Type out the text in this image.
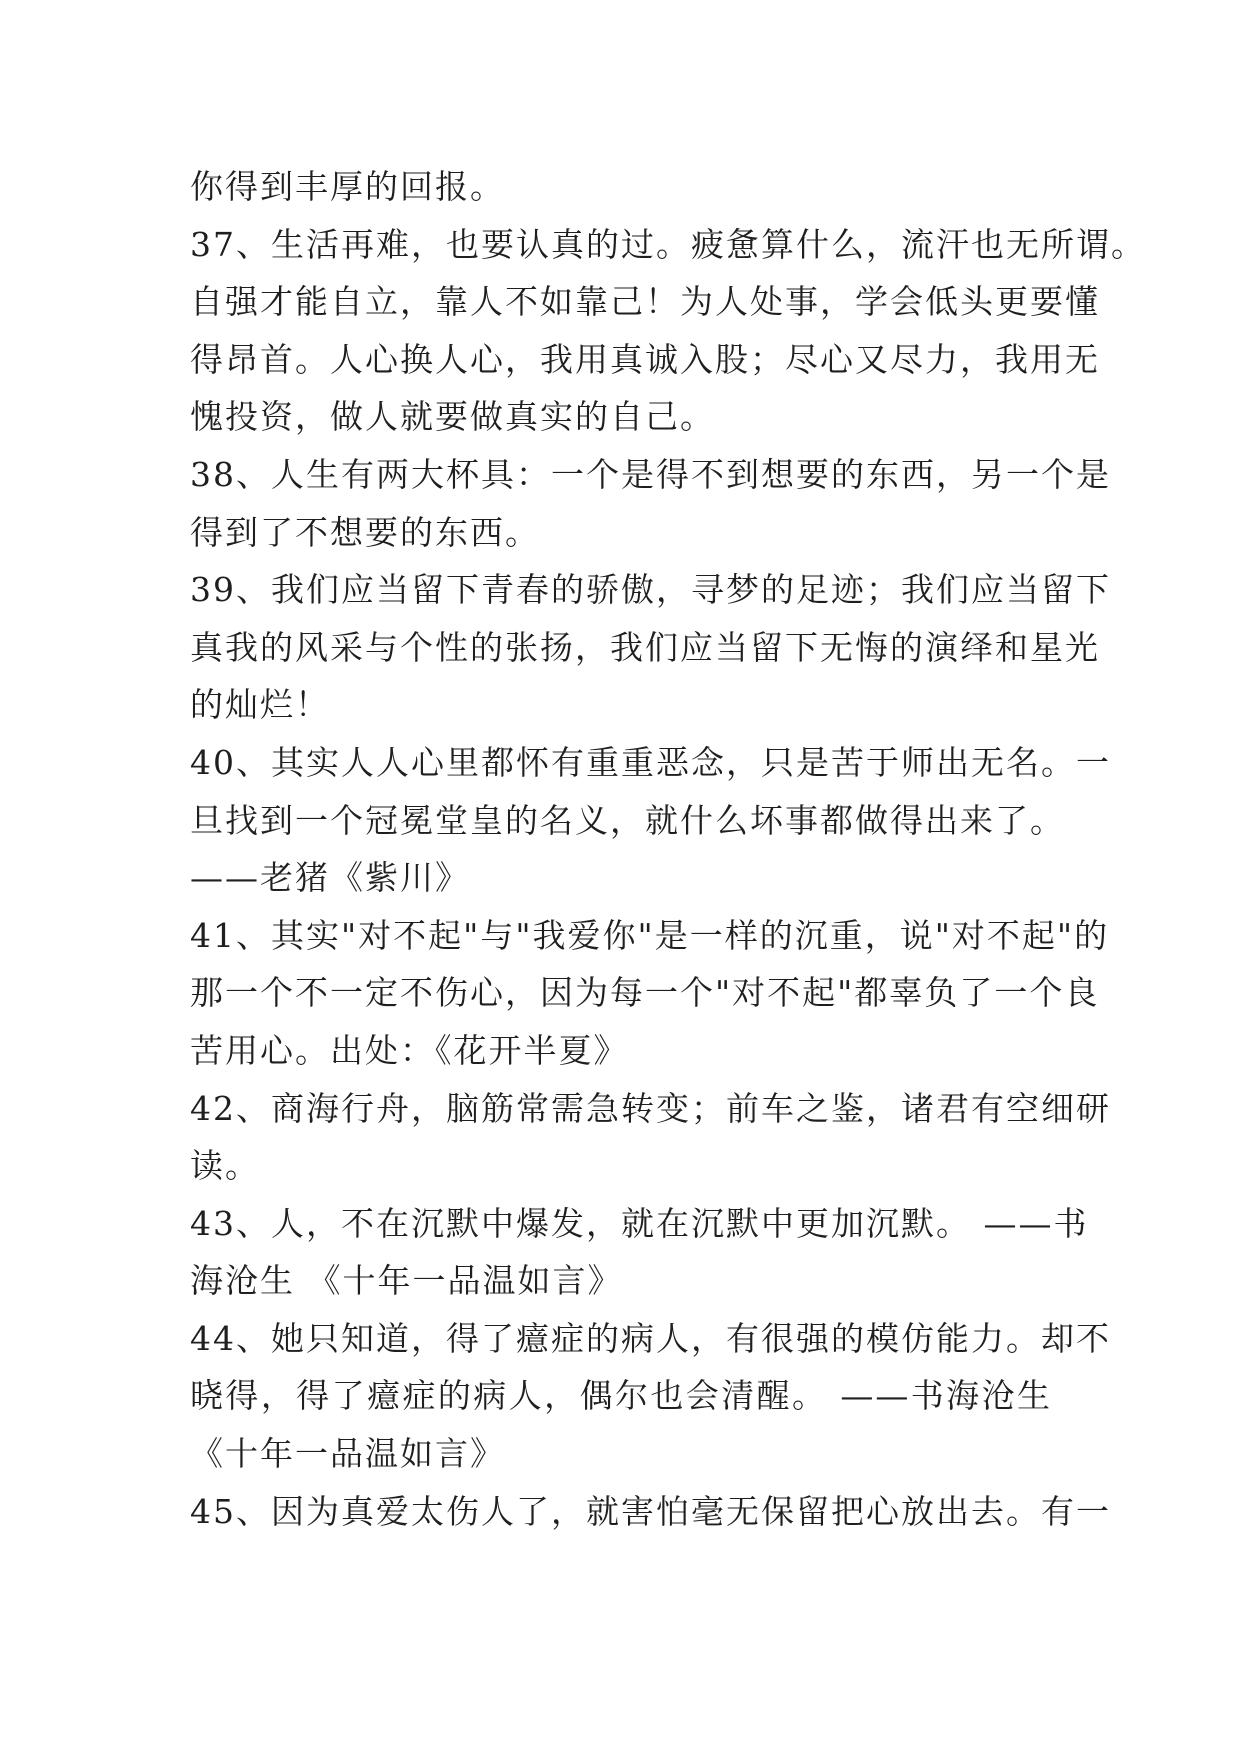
你得到丰厚的回报。
37、生活再难，也要认真的过。疲惫算什么，流汗也无所谓。
自强才能自立，靠人不如靠己！为人处事，学会低头更要懂
得昂首。人心换人心，我用真诚入股；尽心又尽力，我用无
愧投资，做人就要做真实的自己。
38、人生有两大杯具：一个是得不到想要的东西，另一个是
得到了不想要的东西。
39、我们应当留下青春的骄傲，寻梦的足迹；我们应当留下
真我的风采与个性的张扬，我们应当留下无悔的演绎和星光
的灿烂！
40、其实人人心里都怀有重重恶念，只是苦于师出无名。一
旦找到一个冠冕堂皇的名义，就什么坏事都做得出来了。
——老猪《紫川》
41、其实"对不起"与"我爱你"是一样的沉重，说"对不起"的
那一个不一定不伤心，因为每一个"对不起"都辜负了一个良
苦用心。出处：《花开半夏》
42、商海行舟，脑筋常需急转变；前车之鉴，诸君有空细研
读。
43、人，不在沉默中爆发，就在沉默中更加沉默。 ——书
海沧生 《十年一品温如言》
44、她只知道，得了癔症的病人，有很强的模仿能力。却不
晓得，得了癔症的病人，偶尔也会清醒。 ——书海沧生
《十年一品温如言》
45、因为真爱太伤人了，就害怕毫无保留把心放出去。有一
